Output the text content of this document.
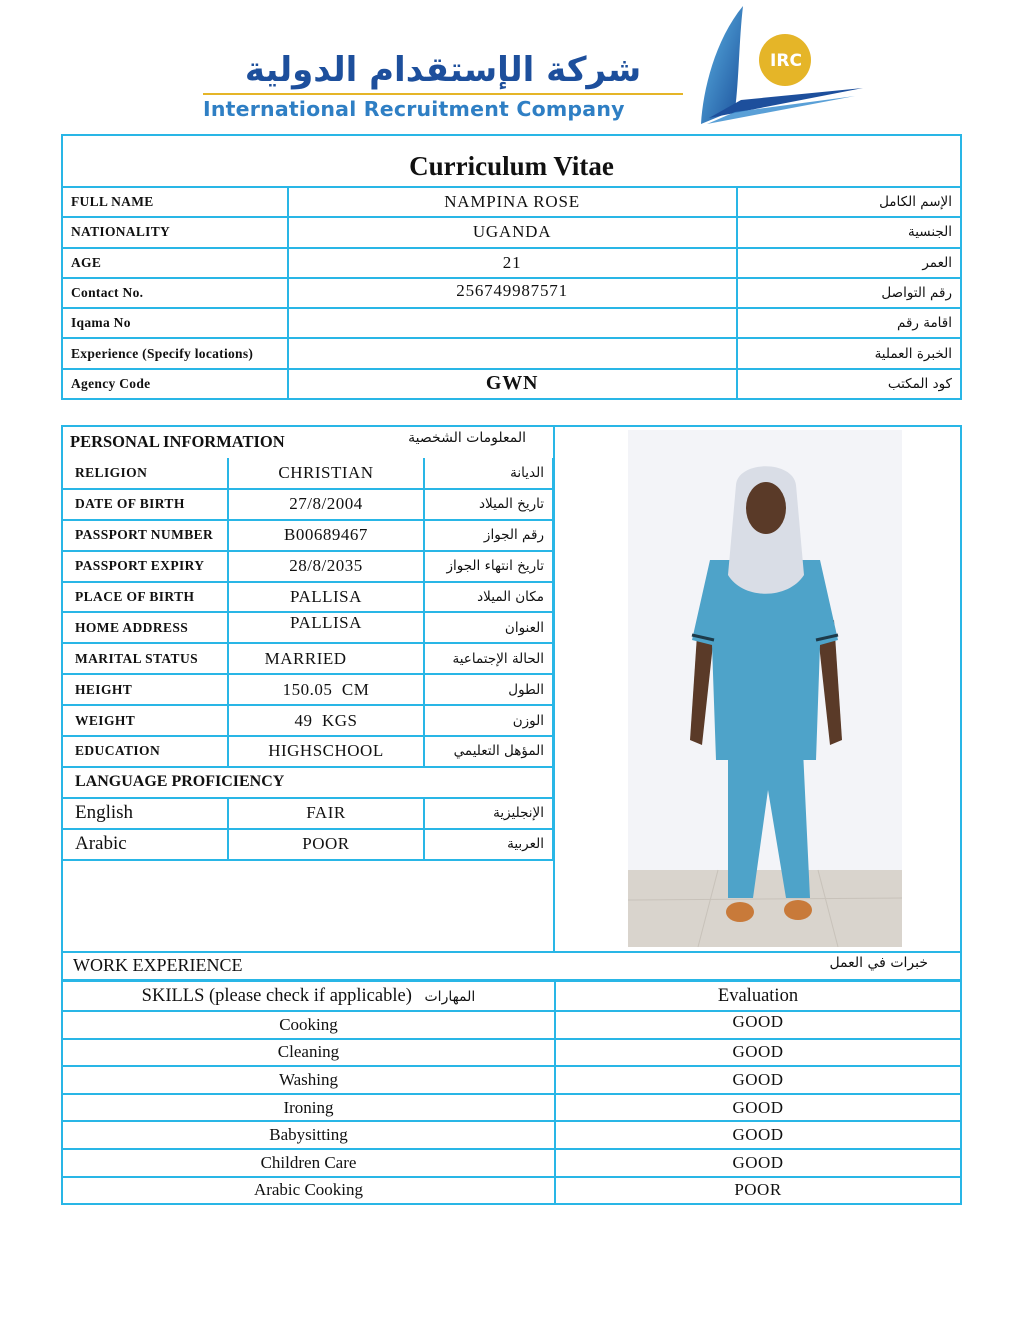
شركة الإستقدام الدولية
International Recruitment Company
IRC
Curriculum Vitae		
FULL NAME	NAMPINA ROSE	الإسم الكامل
NATIONALITY	UGANDA	الجنسية
AGE	21	العمر
Contact No.	256749987571	رقم التواصل
Iqama No		اقامة رقم
Experience (Specify locations)		الخبرة العملية
Agency Code	GWN	كود المكتب
PERSONAL INFORMATION	المعلومات الشخصية
RELIGION	CHRISTIAN	الديانة
DATE OF BIRTH	27/8/2004	تاريخ الميلاد
PASSPORT NUMBER	B00689467	رقم الجواز
PASSPORT EXPIRY	28/8/2035	تاريخ انتهاء الجواز
PLACE OF BIRTH	PALLISA	مكان الميلاد
HOME ADDRESS	PALLISA	العنوان
MARITAL STATUS	MARRIED	الحالة الإجتماعية
HEIGHT	150.05  CM	الطول
WEIGHT	49  KGS	الوزن
EDUCATION	HIGHSCHOOL	المؤهل التعليمي
LANGUAGE PROFICIENCY		
English	FAIR	الإنجليزية
Arabic	POOR	العربية
WORK EXPERIENCE	خبرات في العمل
SKILLS (please check if applicable) المهارات	Evaluation
Cooking	GOOD
Cleaning	GOOD
Washing	GOOD
Ironing	GOOD
Babysitting	GOOD
Children Care	GOOD
Arabic Cooking	POOR
